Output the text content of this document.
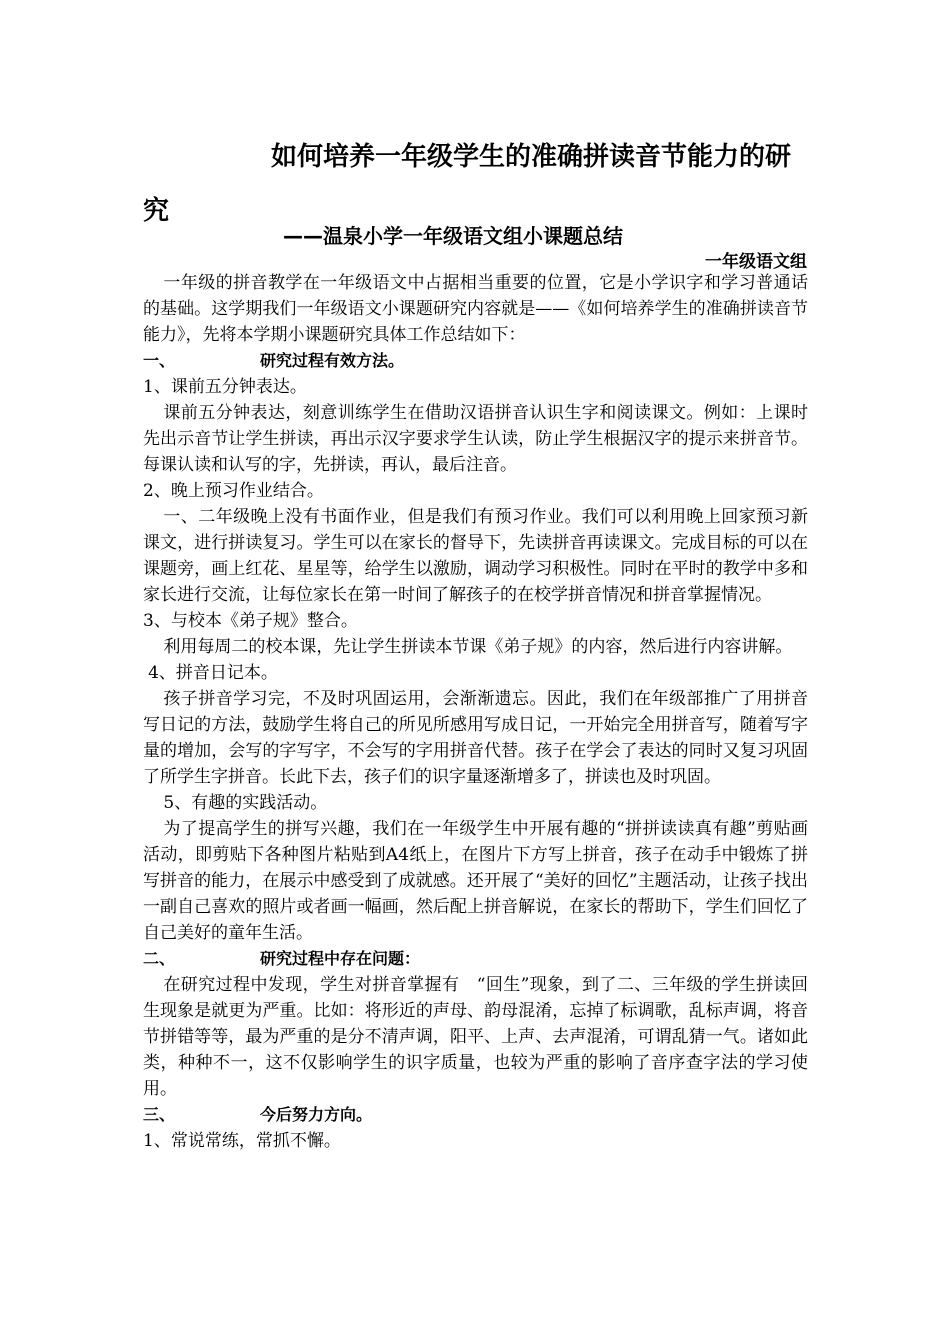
如何培养一年级学生的准确拼读音节能力的研究
——温泉小学一年级语文组小课题总结
一年级语文组

一年级的拼音教学在一年级语文中占据相当重要的位置，它是小学识字和学习普通话的基础。这学期我们一年级语文小课题研究内容就是——《如何培养学生的准确拼读音节能力》，先将本学期小课题研究具体工作总结如下：

一、	研究过程有效方法。

1、课前五分钟表达。

课前五分钟表达，刻意训练学生在借助汉语拼音认识生字和阅读课文。例如：上课时先出示音节让学生拼读，再出示汉字要求学生认读，防止学生根据汉字的提示来拼音节。每课认读和认写的字，先拼读，再认，最后注音。

2、晚上预习作业结合。

一、二年级晚上没有书面作业，但是我们有预习作业。我们可以利用晚上回家预习新课文，进行拼读复习。学生可以在家长的督导下，先读拼音再读课文。完成目标的可以在课题旁，画上红花、星星等，给学生以激励，调动学习积极性。同时在平时的教学中多和家长进行交流，让每位家长在第一时间了解孩子的在校学拼音情况和拼音掌握情况。

3、与校本《弟子规》整合。

利用每周二的校本课，先让学生拼读本节课《弟子规》的内容，然后进行内容讲解。

4、拼音日记本。

孩子拼音学习完，不及时巩固运用，会渐渐遗忘。因此，我们在年级部推广了用拼音写日记的方法，鼓励学生将自己的所见所感用写成日记，一开始完全用拼音写，随着写字量的增加，会写的字写字，不会写的字用拼音代替。孩子在学会了表达的同时又复习巩固了所学生字拼音。长此下去，孩子们的识字量逐渐增多了，拼读也及时巩固。

5、有趣的实践活动。

为了提高学生的拼写兴趣，我们在一年级学生中开展有趣的“拼拼读读真有趣”剪贴画活动，即剪贴下各种图片粘贴到A4纸上，在图片下方写上拼音，孩子在动手中锻炼了拼写拼音的能力，在展示中感受到了成就感。还开展了“美好的回忆”主题活动，让孩子找出一副自己喜欢的照片或者画一幅画，然后配上拼音解说，在家长的帮助下，学生们回忆了自己美好的童年生活。

二、	研究过程中存在问题：

在研究过程中发现，学生对拼音掌握有　“回生”现象，到了二、三年级的学生拼读回生现象是就更为严重。比如：将形近的声母、韵母混淆，忘掉了标调歌，乱标声调，将音节拼错等等，最为严重的是分不清声调，阳平、上声、去声混淆，可谓乱猜一气。诸如此类，种种不一，这不仅影响学生的识字质量，也较为严重的影响了音序查字法的学习使用。

三、	今后努力方向。

1、常说常练，常抓不懈。
